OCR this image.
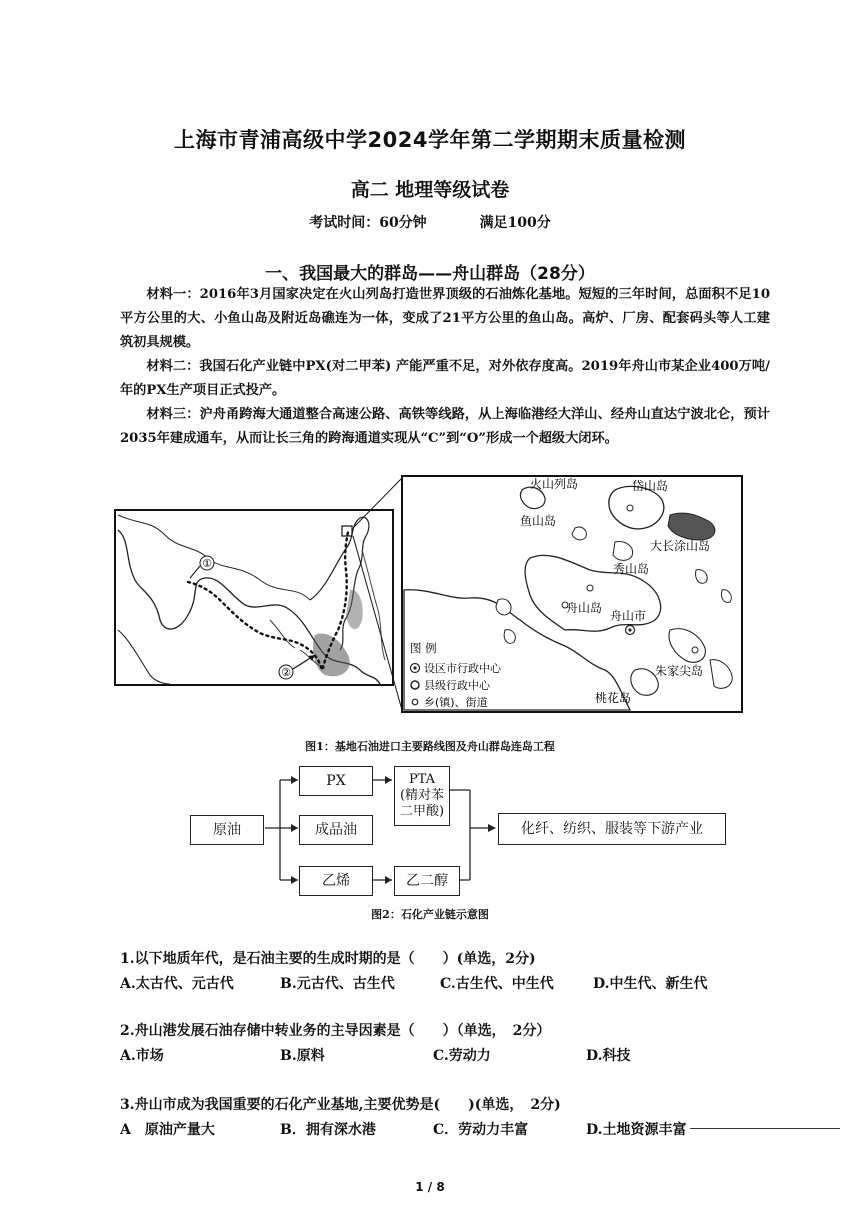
上海市青浦高级中学2024学年第二学期期末质量检测
高二 地理等级试卷
考试时间：60分钟	满足100分
一、我国最大的群岛——舟山群岛（28分）
材料一：2016年3月国家决定在火山列岛打造世界顶级的石油炼化基地。短短的三年时间，总面积不足10平方公里的大、小鱼山岛及附近岛礁连为一体，变成了21平方公里的鱼山岛。高炉、厂房、配套码头等人工建筑初具规模。
材料二：我国石化产业链中PX(对二甲苯) 产能严重不足，对外依存度高。2019年舟山市某企业400万吨/年的PX生产项目正式投产。
材料三：沪舟甬跨海大通道整合高速公路、高铁等线路，从上海临港经大洋山、经舟山直达宁波北仑，预计2035年建成通车，从而让长三角的跨海通道实现从“C”到“O”形成一个超级大闭环。
①
②
火山列岛	岱山岛
鱼山岛
大长涂山岛
秀山岛
舟山岛
舟山市
朱家尖岛
桃花岛
图 例
设区市行政中心
县级行政中心
乡(镇)、街道
图1：基地石油进口主要路线图及舟山群岛连岛工程
原油
PX
成品油
乙烯
PTA
(精对苯
二甲酸)
乙二醇
化纤、纺织、服装等下游产业
图2：石化产业链示意图
1.以下地质年代，是石油主要的生成时期的是（　　）(单选，2分)
A.太古代、元古代	B.元古代、古生代	C.古生代、中生代	D.中生代、新生代
2.舟山港发展石油存储中转业务的主导因素是（　　）（单选，　2分）
A.市场	B.原料	C.劳动力	D.科技
3.舟山市成为我国重要的石化产业基地,主要优势是(　　)(单选，　2分)
A　原油产量大	B．拥有深水港	C．劳动力丰富	D.土地资源丰富
1 / 8
